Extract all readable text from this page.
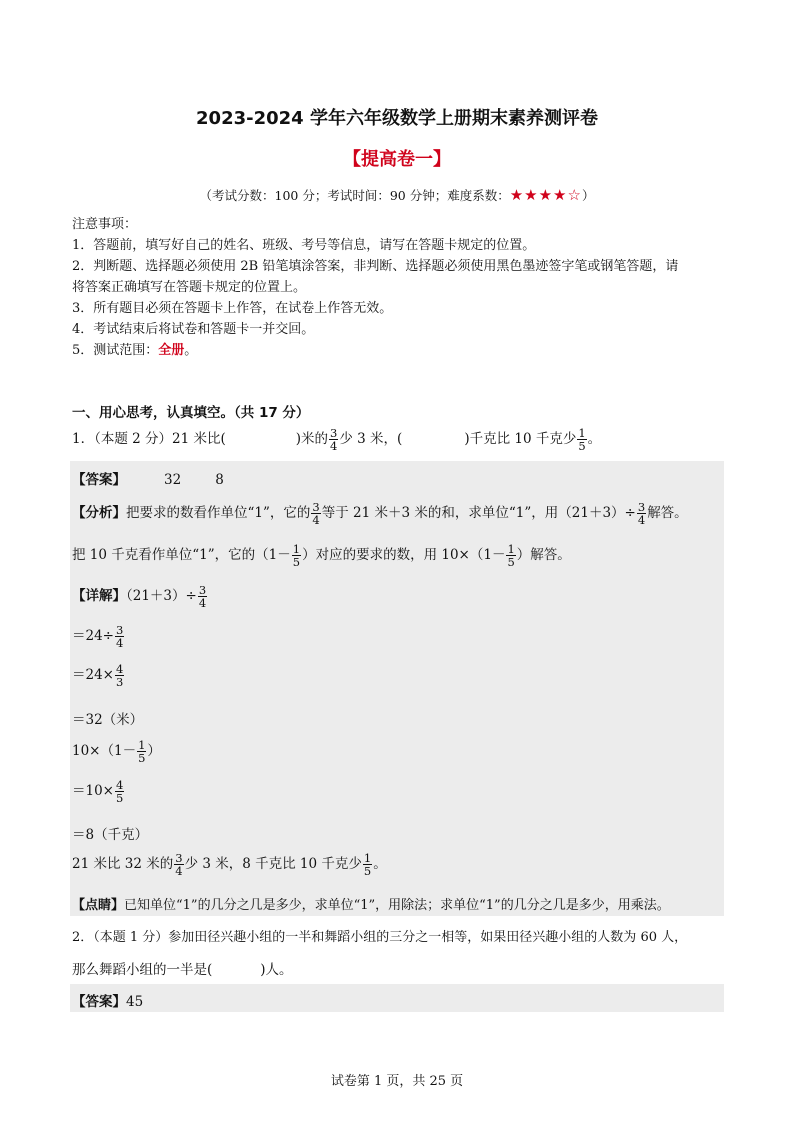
2023-2024 学年六年级数学上册期末素养测评卷
【提高卷一】
（考试分数：100 分；考试时间：90 分钟；难度系数：★★★★☆）
注意事项：
1．答题前，填写好自己的姓名、班级、考号等信息，请写在答题卡规定的位置。
2．判断题、选择题必须使用 2B 铅笔填涂答案，非判断、选择题必须使用黑色墨迹签字笔或钢笔答题，请
将答案正确填写在答题卡规定的位置上。
3．所有题目必须在答题卡上作答，在试卷上作答无效。
4．考试结束后将试卷和答题卡一并交回。
5．测试范围：全册。
一、用心思考，认真填空。（共 17 分）
1．（本题 2 分）21 米比(	)米的 $\frac{3}{4}$ 少 3 米，(	)千克比 10 千克少 $\frac{1}{5}$ 。
【答案】	32	8
【分析】把要求的数看作单位“1”，它的 $\frac{3}{4}$ 等于 21 米＋3 米的和，求单位“1”，用$(21+3)\div \frac{3}{4}$ 解答。
把 10 千克看作单位“1”，它的（$1- \frac{1}{5}$ ）对应的要求的数，用 $10\times(1- \frac{1}{5}$ ）解答。
【详解】$(21+3)\div \frac{3}{4}$
$=24\div \frac{3}{4}$
$=24\times \frac{4}{3}$
＝32（米）
$10\times(1- \frac{1}{5}$ ）
$=10\times \frac{4}{5}$
＝8（千克）
21 米比 32 米的 $\frac{3}{4}$ 少 3 米，8 千克比 10 千克少 $\frac{1}{5}$ 。
【点睛】已知单位“1”的几分之几是多少，求单位“1”，用除法；求单位“1”的几分之几是多少，用乘法。
2．（本题 1 分）参加田径兴趣小组的一半和舞蹈小组的三分之一相等，如果田径兴趣小组的人数为 60 人，
那么舞蹈小组的一半是(	)人。
【答案】45
试卷第 1 页，共 25 页
